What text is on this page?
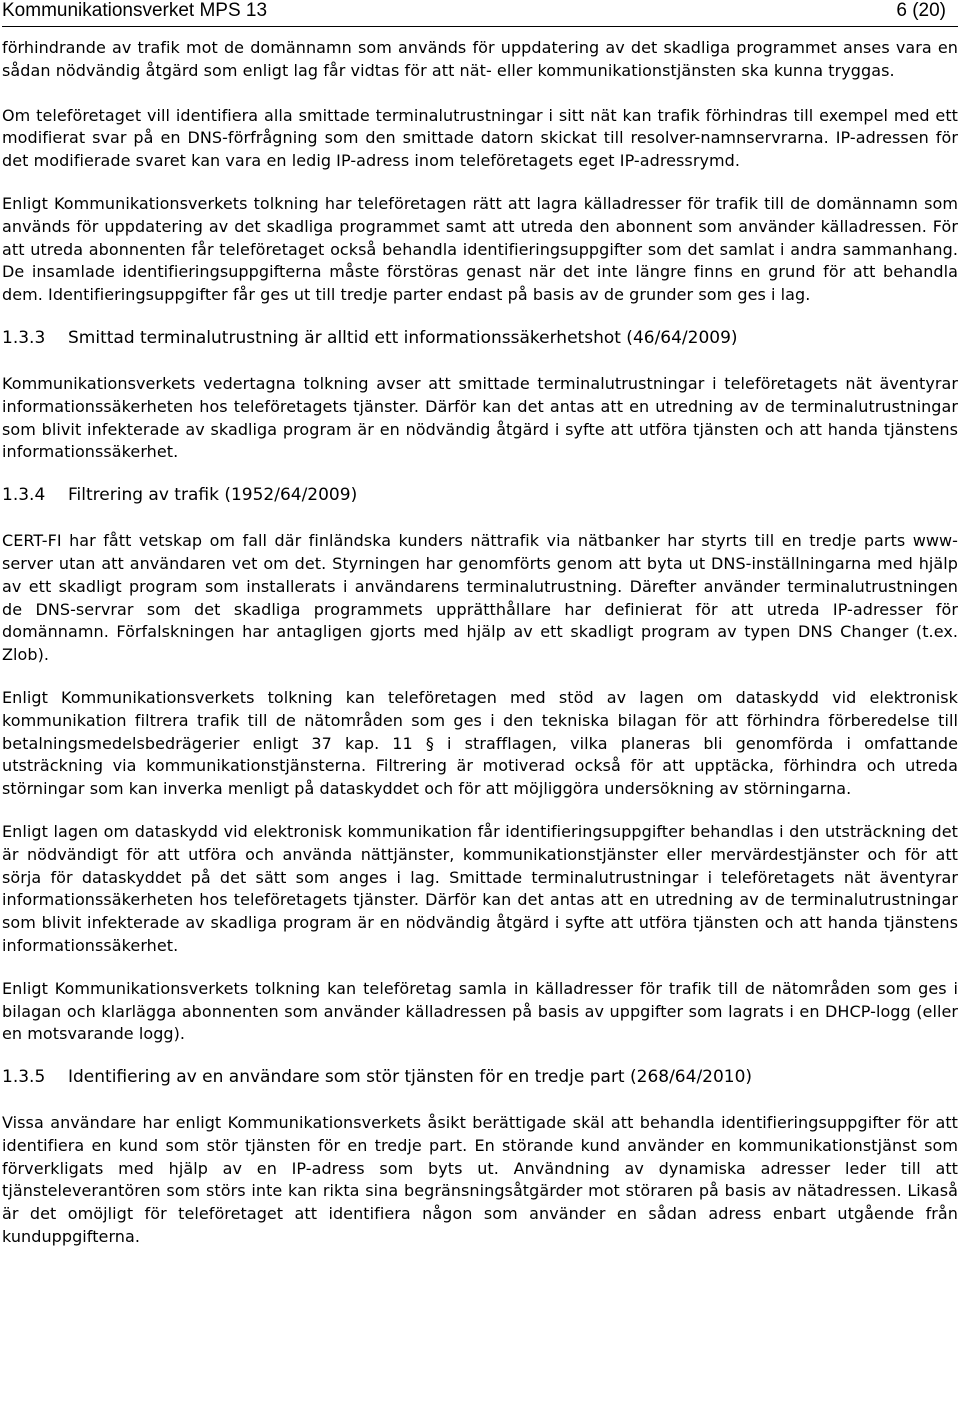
Kommunikationsverket MPS 13	6 (20)

förhindrande av trafik mot de domännamn som används för uppdatering av det skadliga programmet anses vara en sådan nödvändig åtgärd som enligt lag får vidtas för att nät- eller kommunikationstjänsten ska kunna tryggas.

Om teleföretaget vill identifiera alla smittade terminalutrustningar i sitt nät kan trafik förhindras till exempel med ett modifierat svar på en DNS-förfrågning som den smittade datorn skickat till resolver-namnservrarna. IP-adressen för det modifierade svaret kan vara en ledig IP-adress inom teleföretagets eget IP-adressrymd.

Enligt Kommunikationsverkets tolkning har teleföretagen rätt att lagra källadresser för trafik till de domännamn som används för uppdatering av det skadliga programmet samt att utreda den abonnent som använder källadressen. För att utreda abonnenten får teleföretaget också behandla identifieringsuppgifter som det samlat i andra sammanhang. De insamlade identifieringsuppgifterna måste förstöras genast när det inte längre finns en grund för att behandla dem. Identifieringsuppgifter får ges ut till tredje parter endast på basis av de grunder som ges i lag.

1.3.3 Smittad terminalutrustning är alltid ett informationssäkerhetshot (46/64/2009)

Kommunikationsverkets vedertagna tolkning avser att smittade terminalutrustningar i teleföretagets nät äventyrar informationssäkerheten hos teleföretagets tjänster. Därför kan det antas att en utredning av de terminalutrustningar som blivit infekterade av skadliga program är en nödvändig åtgärd i syfte att utföra tjänsten och att handa tjänstens informationssäkerhet.

1.3.4 Filtrering av trafik (1952/64/2009)

CERT-FI har fått vetskap om fall där finländska kunders nättrafik via nätbanker har styrts till en tredje parts www-server utan att användaren vet om det. Styrningen har genomförts genom att byta ut DNS-inställningarna med hjälp av ett skadligt program som installerats i användarens terminalutrustning. Därefter använder terminalutrustningen de DNS-servrar som det skadliga programmets upprätthållare har definierat för att utreda IP-adresser för domännamn. Förfalskningen har antagligen gjorts med hjälp av ett skadligt program av typen DNS Changer (t.ex. Zlob).

Enligt Kommunikationsverkets tolkning kan teleföretagen med stöd av lagen om dataskydd vid elektronisk kommunikation filtrera trafik till de nätområden som ges i den tekniska bilagan för att förhindra förberedelse till betalningsmedelsbedrägerier enligt 37 kap. 11 § i strafflagen, vilka planeras bli genomförda i omfattande utsträckning via kommunikationstjänsterna. Filtrering är motiverad också för att upptäcka, förhindra och utreda störningar som kan inverka menligt på dataskyddet och för att möjliggöra undersökning av störningarna.

Enligt lagen om dataskydd vid elektronisk kommunikation får identifieringsuppgifter behandlas i den utsträckning det är nödvändigt för att utföra och använda nättjänster, kommunikationstjänster eller mervärdestjänster och för att sörja för dataskyddet på det sätt som anges i lag. Smittade terminalutrustningar i teleföretagets nät äventyrar informationssäkerheten hos teleföretagets tjänster. Därför kan det antas att en utredning av de terminalutrustningar som blivit infekterade av skadliga program är en nödvändig åtgärd i syfte att utföra tjänsten och att handa tjänstens informationssäkerhet.

Enligt Kommunikationsverkets tolkning kan teleföretag samla in källadresser för trafik till de nätområden som ges i bilagan och klarlägga abonnenten som använder källadressen på basis av uppgifter som lagrats i en DHCP-logg (eller en motsvarande logg).

1.3.5 Identifiering av en användare som stör tjänsten för en tredje part (268/64/2010)

Vissa användare har enligt Kommunikationsverkets åsikt berättigade skäl att behandla identifieringsuppgifter för att identifiera en kund som stör tjänsten för en tredje part. En störande kund använder en kommunikationstjänst som förverkligats med hjälp av en IP-adress som byts ut. Användning av dynamiska adresser leder till att tjänsteleverantören som störs inte kan rikta sina begränsningsåtgärder mot störaren på basis av nätadressen. Likaså är det omöjligt för teleföretaget att identifiera någon som använder en sådan adress enbart utgående från kunduppgifterna.
